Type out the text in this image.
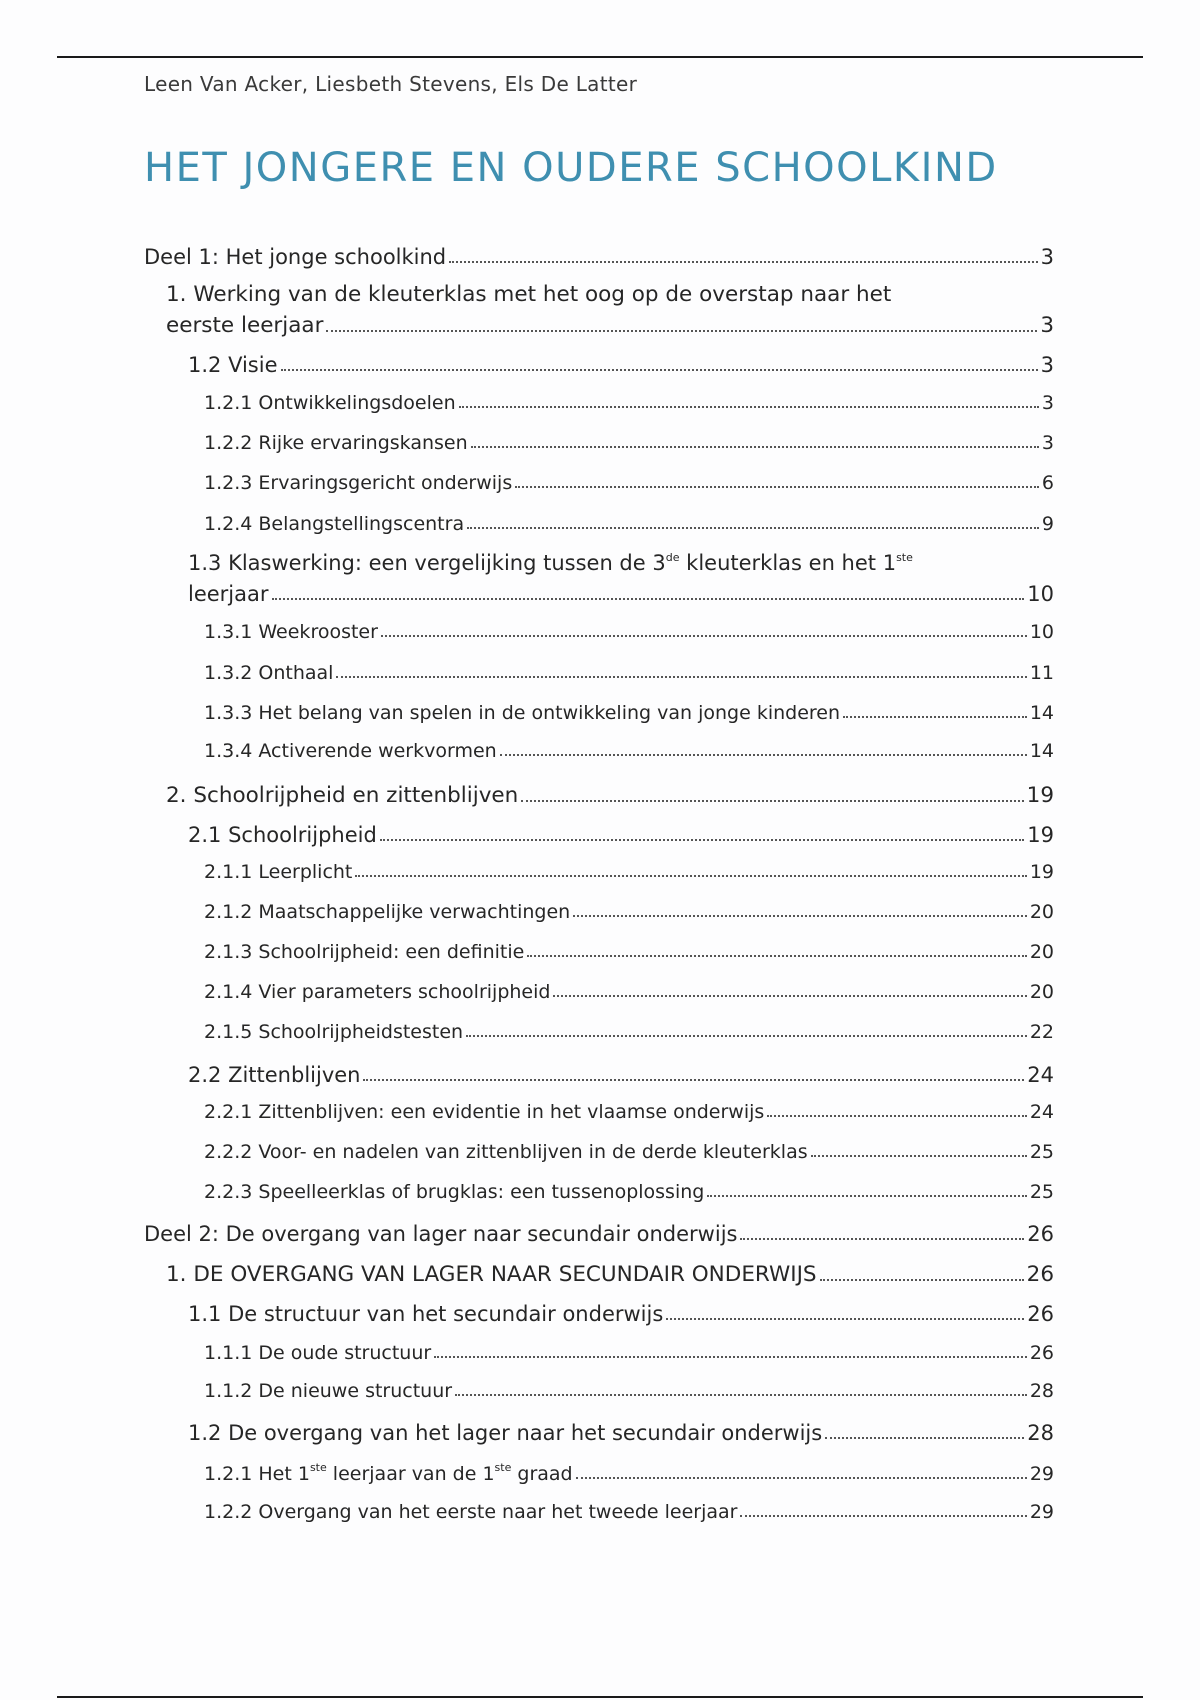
Leen Van Acker, Liesbeth Stevens, Els De Latter
HET JONGERE EN OUDERE SCHOOLKIND
Deel 1: Het jonge schoolkind	3
1. Werking van de kleuterklas met het oog op de overstap naar het
eerste leerjaar	3
1.2 Visie	3
1.2.1 Ontwikkelingsdoelen	3
1.2.2 Rijke ervaringskansen	3
1.2.3 Ervaringsgericht onderwijs	6
1.2.4 Belangstellingscentra	9
1.3 Klaswerking: een vergelijking tussen de 3de kleuterklas en het 1ste
leerjaar	10
1.3.1 Weekrooster	10
1.3.2 Onthaal	11
1.3.3 Het belang van spelen in de ontwikkeling van jonge kinderen	14
1.3.4 Activerende werkvormen	14
2. Schoolrijpheid en zittenblijven	19
2.1 Schoolrijpheid	19
2.1.1 Leerplicht	19
2.1.2 Maatschappelijke verwachtingen	20
2.1.3 Schoolrijpheid: een definitie	20
2.1.4 Vier parameters schoolrijpheid	20
2.1.5 Schoolrijpheidstesten	22
2.2 Zittenblijven	24
2.2.1 Zittenblijven: een evidentie in het vlaamse onderwijs	24
2.2.2 Voor- en nadelen van zittenblijven in de derde kleuterklas	25
2.2.3 Speelleerklas of brugklas: een tussenoplossing	25
Deel 2: De overgang van lager naar secundair onderwijs	26
1. DE OVERGANG VAN LAGER NAAR SECUNDAIR ONDERWIJS	26
1.1 De structuur van het secundair onderwijs	26
1.1.1 De oude structuur	26
1.1.2 De nieuwe structuur	28
1.2 De overgang van het lager naar het secundair onderwijs	28
1.2.1 Het 1ste leerjaar van de 1ste graad	29
1.2.2 Overgang van het eerste naar het tweede leerjaar	29
